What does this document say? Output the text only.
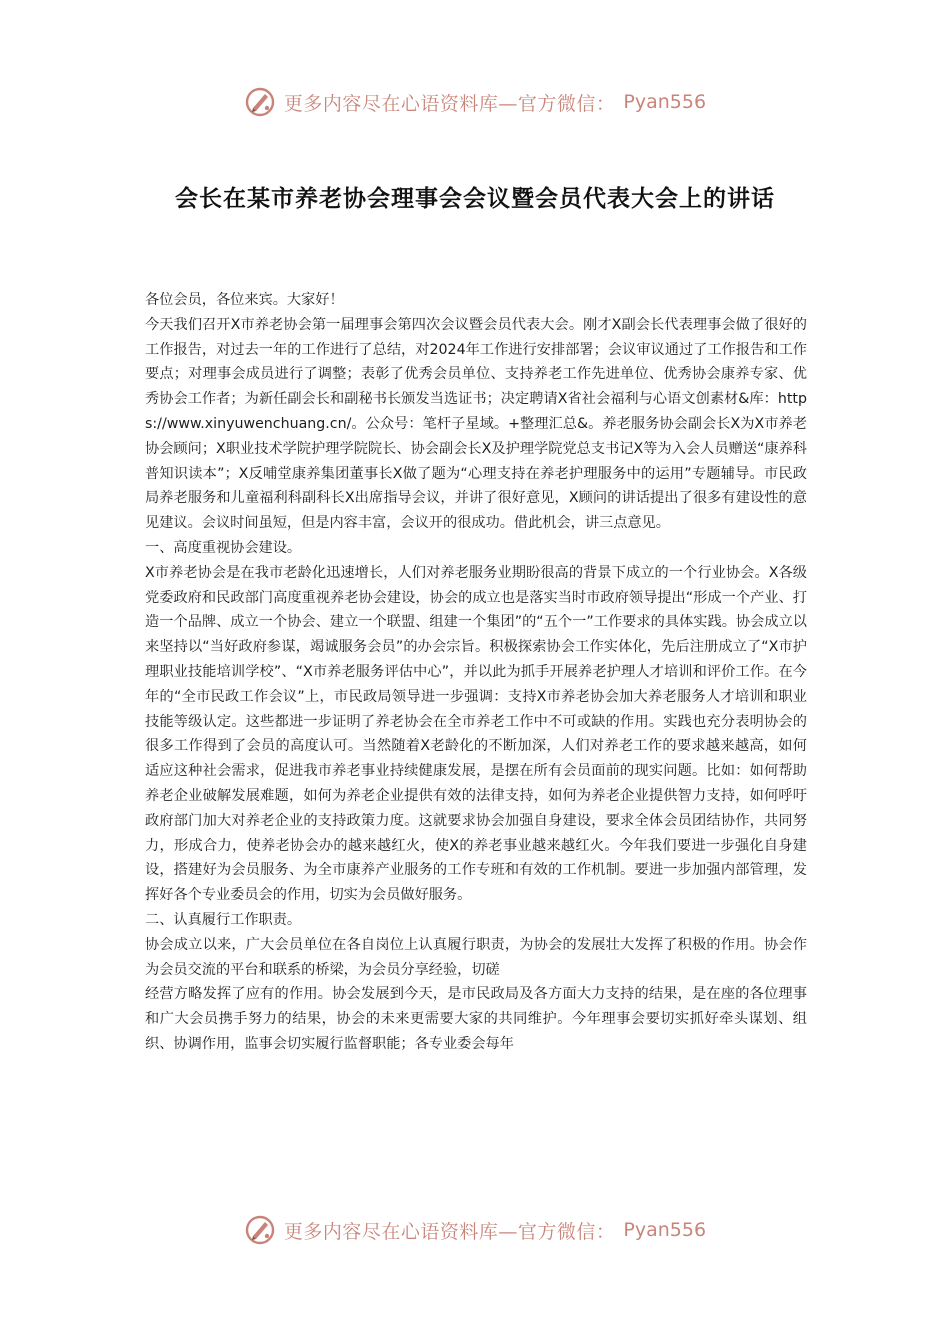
更多内容尽在心语资料库—官方微信： Pyan556
会长在某市养老协会理事会会议暨会员代表大会上的讲话

各位会员，各位来宾。大家好！

今天我们召开X市养老协会第一届理事会第四次会议暨会员代表大会。刚才X副会长代表理事会做了很好的工作报告，对过去一年的工作进行了总结，对2024年工作进行安排部署；会议审议通过了工作报告和工作要点；对理事会成员进行了调整；表彰了优秀会员单位、支持养老工作先进单位、优秀协会康养专家、优秀协会工作者；为新任副会长和副秘书长颁发当选证书；决定聘请X省社会福利与心语文创素材&库：https://www.xinyuwenchuang.cn/。公众号：笔杆子星域。+整理汇总&。养老服务协会副会长X为X市养老协会顾问；X职业技术学院护理学院院长、协会副会长X及护理学院党总支书记X等为入会人员赠送“康养科普知识读本”；X反哺堂康养集团董事长X做了题为“心理支持在养老护理服务中的运用”专题辅导。市民政局养老服务和儿童福利科副科长X出席指导会议，并讲了很好意见，X顾问的讲话提出了很多有建设性的意见建议。会议时间虽短，但是内容丰富，会议开的很成功。借此机会，讲三点意见。

一、高度重视协会建设。

X市养老协会是在我市老龄化迅速增长，人们对养老服务业期盼很高的背景下成立的一个行业协会。X各级党委政府和民政部门高度重视养老协会建设，协会的成立也是落实当时市政府领导提出“形成一个产业、打造一个品牌、成立一个协会、建立一个联盟、组建一个集团”的“五个一”工作要求的具体实践。协会成立以来坚持以“当好政府参谋，竭诚服务会员”的办会宗旨。积极探索协会工作实体化，先后注册成立了“X市护理职业技能培训学校”、“X市养老服务评估中心”，并以此为抓手开展养老护理人才培训和评价工作。在今年的“全市民政工作会议”上，市民政局领导进一步强调：支持X市养老协会加大养老服务人才培训和职业技能等级认定。这些都进一步证明了养老协会在全市养老工作中不可或缺的作用。实践也充分表明协会的很多工作得到了会员的高度认可。当然随着X老龄化的不断加深，人们对养老工作的要求越来越高，如何适应这种社会需求，促进我市养老事业持续健康发展，是摆在所有会员面前的现实问题。比如：如何帮助养老企业破解发展难题，如何为养老企业提供有效的法律支持，如何为养老企业提供智力支持，如何呼吁政府部门加大对养老企业的支持政策力度。这就要求协会加强自身建设，要求全体会员团结协作，共同努力，形成合力，使养老协会办的越来越红火，使X的养老事业越来越红火。今年我们要进一步强化自身建设，搭建好为会员服务、为全市康养产业服务的工作专班和有效的工作机制。要进一步加强内部管理，发挥好各个专业委员会的作用，切实为会员做好服务。

二、认真履行工作职责。

协会成立以来，广大会员单位在各自岗位上认真履行职责，为协会的发展壮大发挥了积极的作用。协会作为会员交流的平台和联系的桥梁，为会员分享经验，切磋

经营方略发挥了应有的作用。协会发展到今天，是市民政局及各方面大力支持的结果，是在座的各位理事和广大会员携手努力的结果，协会的未来更需要大家的共同维护。今年理事会要切实抓好牵头谋划、组织、协调作用，监事会切实履行监督职能；各专业委会每年

更多内容尽在心语资料库—官方微信： Pyan556
